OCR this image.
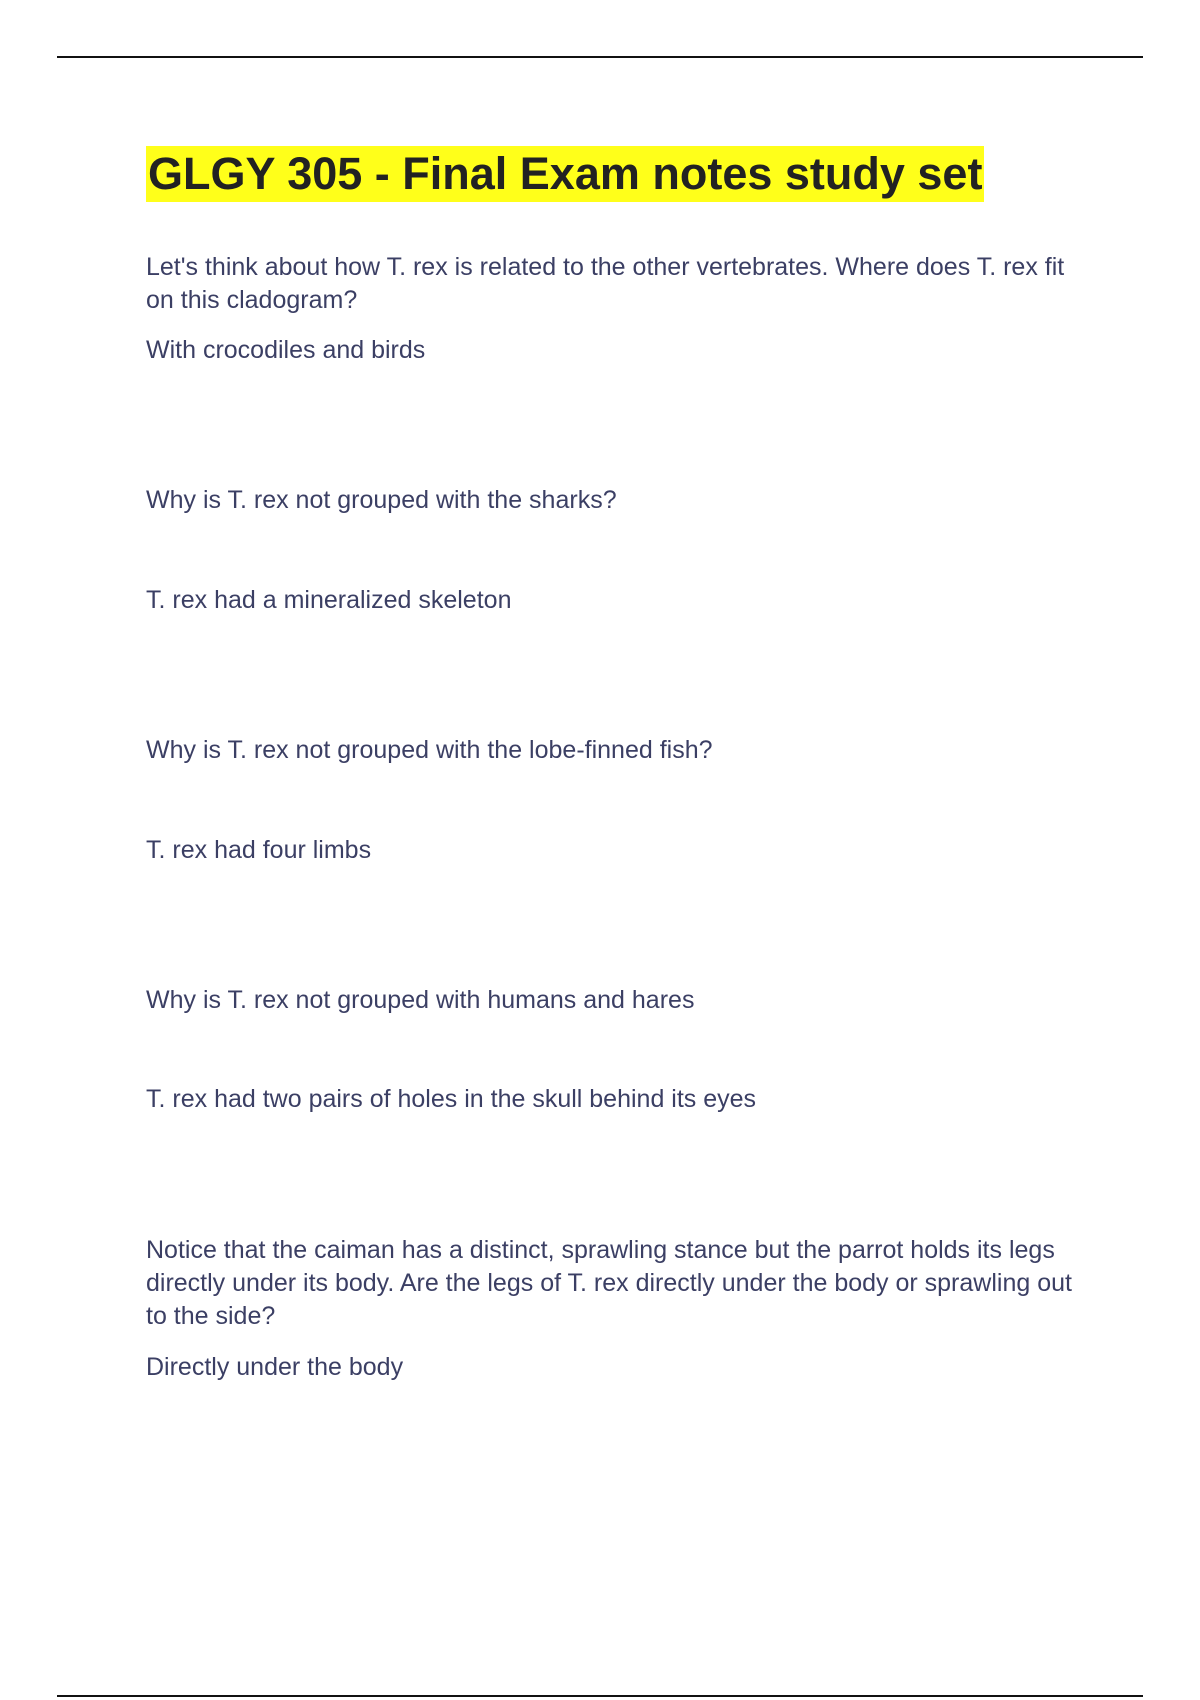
GLGY 305 - Final Exam notes study set

Let's think about how T. rex is related to the other vertebrates. Where does T. rex fit on this cladogram?

With crocodiles and birds

Why is T. rex not grouped with the sharks?

T. rex had a mineralized skeleton

Why is T. rex not grouped with the lobe-finned fish?

T. rex had four limbs

Why is T. rex not grouped with humans and hares

T. rex had two pairs of holes in the skull behind its eyes

Notice that the caiman has a distinct, sprawling stance but the parrot holds its legs directly under its body. Are the legs of T. rex directly under the body or sprawling out to the side?

Directly under the body
